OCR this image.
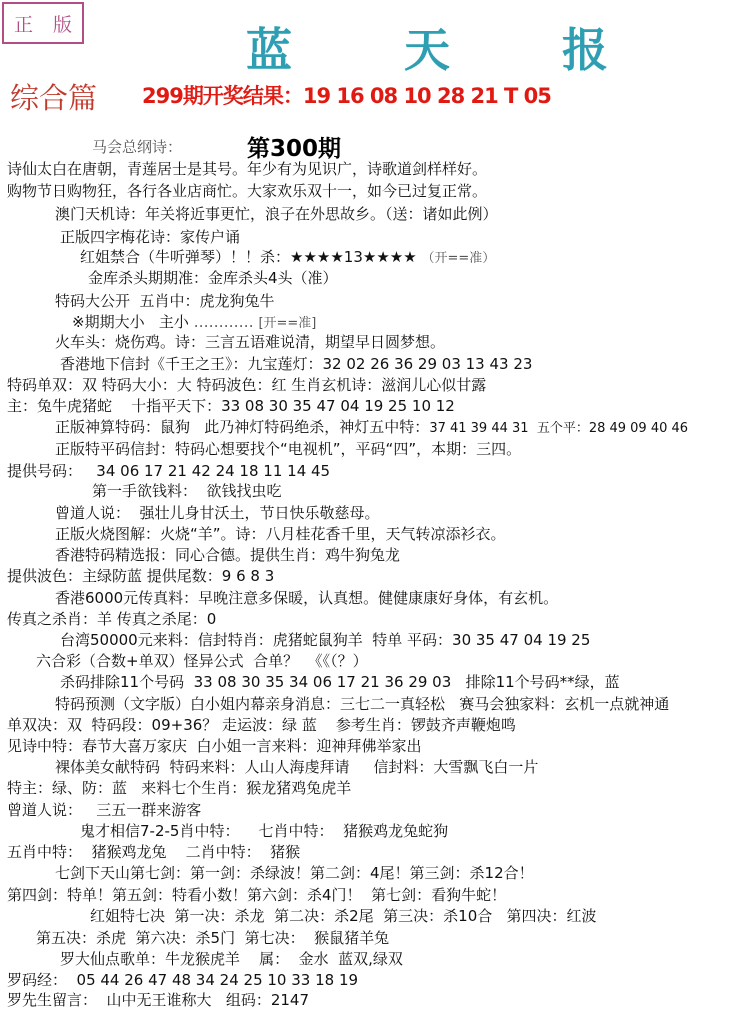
正 版	蓝 天 报
综合篇 299期开奖结果：19 16 08 10 28 21 T 05
第300期
马会总纲诗：
诗仙太白在唐朝，青莲居士是其号。年少有为见识广，诗歌道剑样样好。
购物节日购物狂，各行各业店商忙。大家欢乐双十一，如今已过复正常。
澳门天机诗：年关将近事更忙，浪子在外思故乡。（送：诸如此例）
正版四字梅花诗：家传户诵
红姐禁合（牛听弹琴）！！杀：★★★★13★★★★ （开==准）
金库杀头期期准：金库杀头4头（准）
特码大公开  五肖中：虎龙狗兔牛
※期期大小   主小 ………… [开==准]
火车头：烧伤鸡。诗：三言五语难说清，期望早日圆梦想。
香港地下信封《千王之王》：九宝莲灯：32 02 26 36 29 03 13 43 23
特码单双：双 特码大小：大 特码波色：红 生肖玄机诗：滋润儿心似甘露
主：兔牛虎猪蛇    十指平天下：33 08 30 35 47 04 19 25 10 12
正版神算特码：鼠狗   此乃神灯特码绝杀，神灯五中特：37 41 39 44 31  五个平：28 49 09 40 46
正版特平码信封：特码心想要找个“电视机”，平码“四”，本期：三四。
提供号码：   34 06 17 21 42 24 18 11 14 45
第一手欲钱料：  欲钱找虫吃
曾道人说：  强壮儿身甘沃土，节日快乐敬慈母。
正版火烧图解：火烧“羊”。诗：八月桂花香千里，天气转凉添衫衣。
香港特码精选报：同心合德。提供生肖：鸡牛狗兔龙
提供波色：主绿防蓝 提供尾数：9 6 8 3
香港6000元传真料：早晚注意多保暖，认真想。健健康康好身体，有玄机。
传真之杀肖：羊 传真之杀尾：0
台湾50000元来料：信封特肖：虎猪蛇鼠狗羊  特单 平码：30 35 47 04 19 25
六合彩（合数+单双）怪异公式  合单？  《《（？）
杀码排除11个号码  33 08 30 35 34 06 17 21 36 29 03   排除11个号码**绿，蓝
特码预测（文字版）白小姐内幕亲身消息：三七二一真轻松   赛马会独家料：玄机一点就神通
单双决：双  特码段：09+36？ 走运波：绿 蓝    参考生肖：锣鼓齐声鞭炮鸣
见诗中特：春节大喜万家庆  白小姐一言来料：迎神拜佛举家出
裸体美女献特码  特码来料：人山人海虔拜请     信封料：大雪飘飞白一片
特主：绿、防：蓝   来料七个生肖：猴龙猪鸡兔虎羊
曾道人说：   三五一群来游客
鬼才相信7-2-5肖中特：    七肖中特：  猪猴鸡龙兔蛇狗
五肖中特：  猪猴鸡龙兔    二肖中特：  猪猴
七剑下天山第七剑：第一剑：杀绿波！第二剑：4尾！第三剑：杀12合！
第四剑：特单！第五剑：特看小数！第六剑：杀4门！  第七剑：看狗牛蛇！
红姐特七决  第一决：杀龙  第二决：杀2尾  第三决：杀10合   第四决：红波
第五决：杀虎  第六决：杀5门  第七决：  猴鼠猪羊兔
罗大仙点歌单：牛龙猴虎羊    属：  金水  蓝双,绿双
罗码经：  05 44 26 47 48 34 24 25 10 33 18 19
罗先生留言：  山中无王谁称大   组码：2147
